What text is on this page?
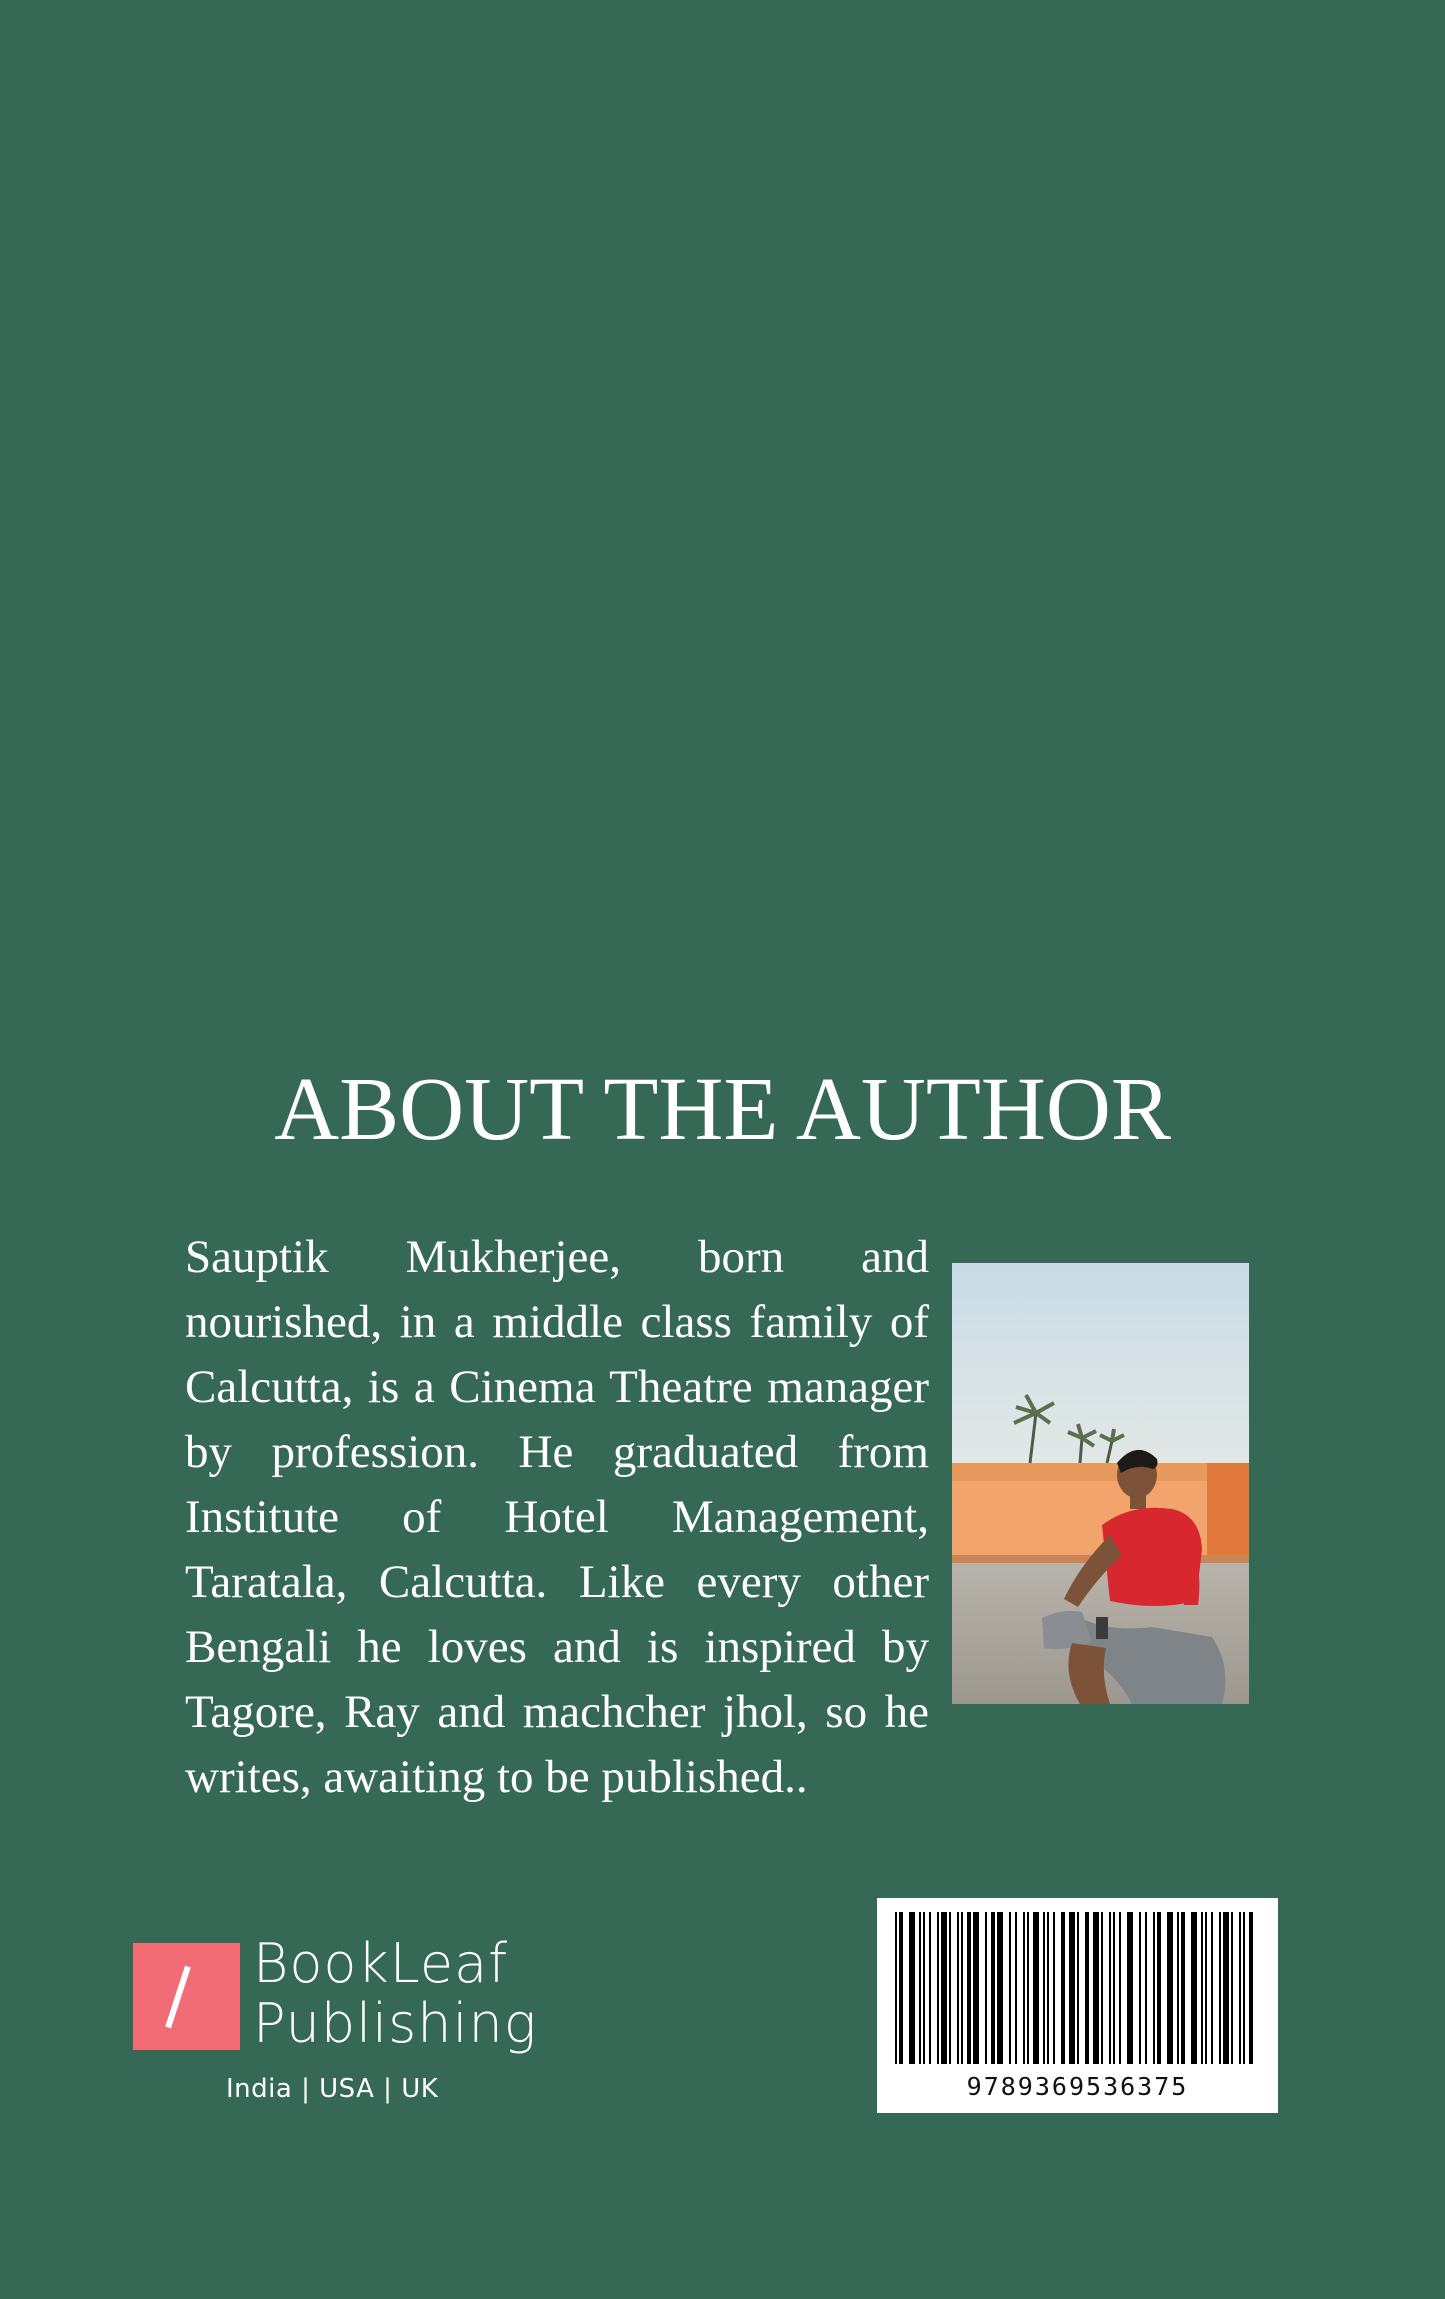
ABOUT THE AUTHOR

Sauptik Mukherjee, born and nourished, in a middle class family of Calcutta, is a Cinema Theatre manager by profession. He graduated from Institute of Hotel Management, Taratala, Calcutta. Like every other Bengali he loves and is inspired by Tagore, Ray and machcher jhol, so he writes, awaiting to be published..

BookLeaf
Publishing
India | USA | UK	9789369536375
